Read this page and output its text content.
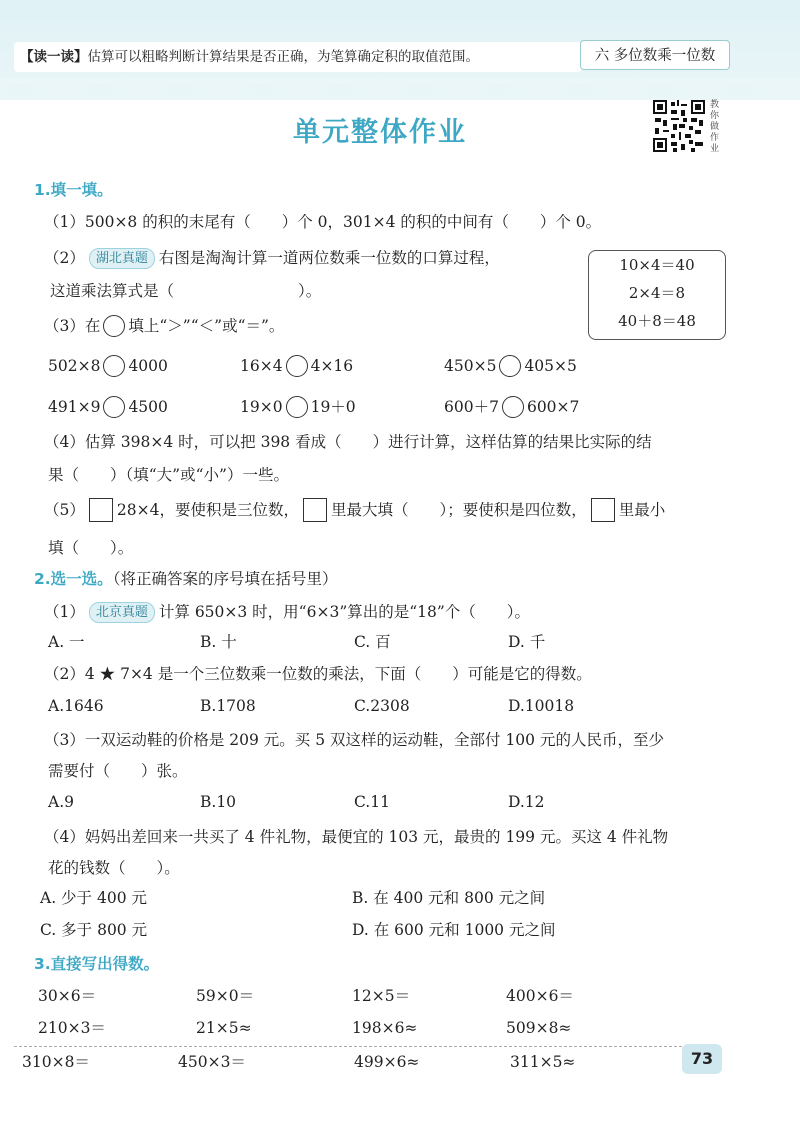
【读一读】估算可以粗略判断计算结果是否正确，为笔算确定积的取值范围。	六 多位数乘一位数
单元整体作业
教你做作业
1.填一填。
（1）500×8 的积的末尾有（　　）个 0，301×4 的积的中间有（　　）个 0。
（2） 湖北真题 右图是淘淘计算一道两位数乘一位数的口算过程，
这道乘法算式是（　　　　　　　　）。
10×4＝40
2×4＝8
40＋8＝48
（3）在 填上“＞”“＜”或“＝”。
502×8 4000	16×4 4×16	450×5 405×5
491×9 4500	19×0 19＋0	600＋7 600×7
（4）估算 398×4 时，可以把 398 看成（　　）进行计算，这样估算的结果比实际的结
果（　　）（填“大”或“小”）一些。
（5） 28×4，要使积是三位数， 里最大填（　　）；要使积是四位数， 里最小
填（　　）。
2.选一选。（将正确答案的序号填在括号里）
（1） 北京真题 计算 650×3 时，用“6×3”算出的是“18”个（　　）。
A. 一	B. 十	C. 百	D. 千
（2）4 ★ 7×4 是一个三位数乘一位数的乘法，下面（　　）可能是它的得数。
A.1646	B.1708	C.2308	D.10018
（3）一双运动鞋的价格是 209 元。买 5 双这样的运动鞋，全部付 100 元的人民币，至少
需要付（　　）张。
A.9	B.10	C.11	D.12
（4）妈妈出差回来一共买了 4 件礼物，最便宜的 103 元，最贵的 199 元。买这 4 件礼物
花的钱数（　　）。
A. 少于 400 元	B. 在 400 元和 800 元之间
C. 多于 800 元	D. 在 600 元和 1000 元之间
3.直接写出得数。
30×6＝	59×0＝	12×5＝	400×6＝
210×3＝	21×5≈	198×6≈	509×8≈
310×8＝	450×3＝	499×6≈	311×5≈	73
